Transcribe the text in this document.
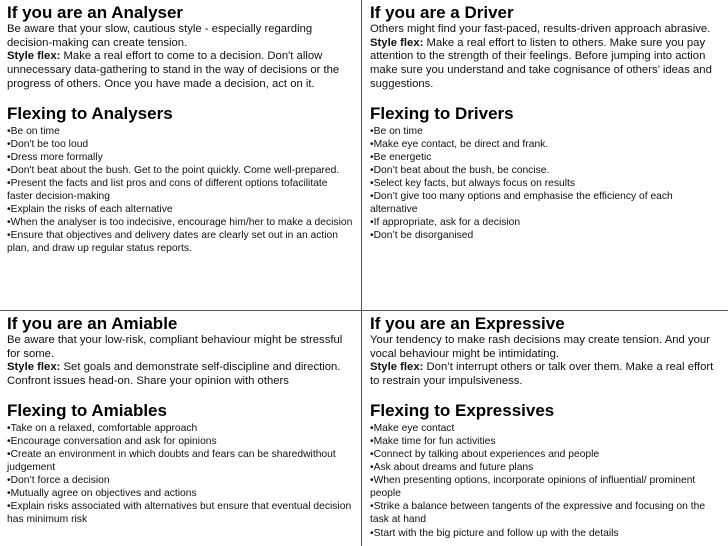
If you are an Analyser

Be aware that your slow, cautious style - especially regarding decision-making can create tension.

Style flex: Make a real effort to come to a decision. Don't allow unnecessary data-gathering to stand in the way of decisions or the progress of others. Once you have made a decision, act on it.

Flexing to Analysers
•Be on time
•Don't be too loud
•Dress more formally
•Don't beat about the bush. Get to the point quickly. Come well-prepared.
•Present the facts and list pros and cons of different options tofacilitate faster decision-making
•Explain the risks of each alternative
•When the analyser is too indecisive, encourage him/her to make a decision
•Ensure that objectives and delivery dates are clearly set out in an action plan, and draw up regular status reports.
If you are a Driver

Others might find your fast-paced, results-driven approach abrasive.

Style flex: Make a real effort to listen to others. Make sure you pay attention to the strength of their feelings. Before jumping into action make sure you understand and take cognisance of others’ ideas and suggestions.

Flexing to Drivers
•Be on time
•Make eye contact, be direct and frank.
•Be energetic
•Don’t beat about the bush, be concise.
•Select key facts, but always focus on results
•Don’t give too many options and emphasise the efficiency of each alternative
•If appropriate, ask for a decision
•Don’t be disorganised
If you are an Amiable

Be aware that your low-risk, compliant behaviour might be stressful for some.

Style flex: Set goals and demonstrate self-discipline and direction. Confront issues head-on. Share your opinion with others

Flexing to Amiables
•Take on a relaxed, comfortable approach
•Encourage conversation and ask for opinions
•Create an environment in which doubts and fears can be sharedwithout judgement
•Don’t force a decision
•Mutually agree on objectives and actions
•Explain risks associated with alternatives but ensure that eventual decision has minimum risk
If you are an Expressive

Your tendency to make rash decisions may create tension. And your vocal behaviour might be intimidating.

Style flex: Don’t interrupt others or talk over them. Make a real effort to restrain your impulsiveness.

Flexing to Expressives
•Make eye contact
•Make time for fun activities
•Connect by talking about experiences and people
•Ask about dreams and future plans
•When presenting options, incorporate opinions of influential/ prominent people
•Strike a balance between tangents of the expressive and focusing on the task at hand
•Start with the big picture and follow up with the details
